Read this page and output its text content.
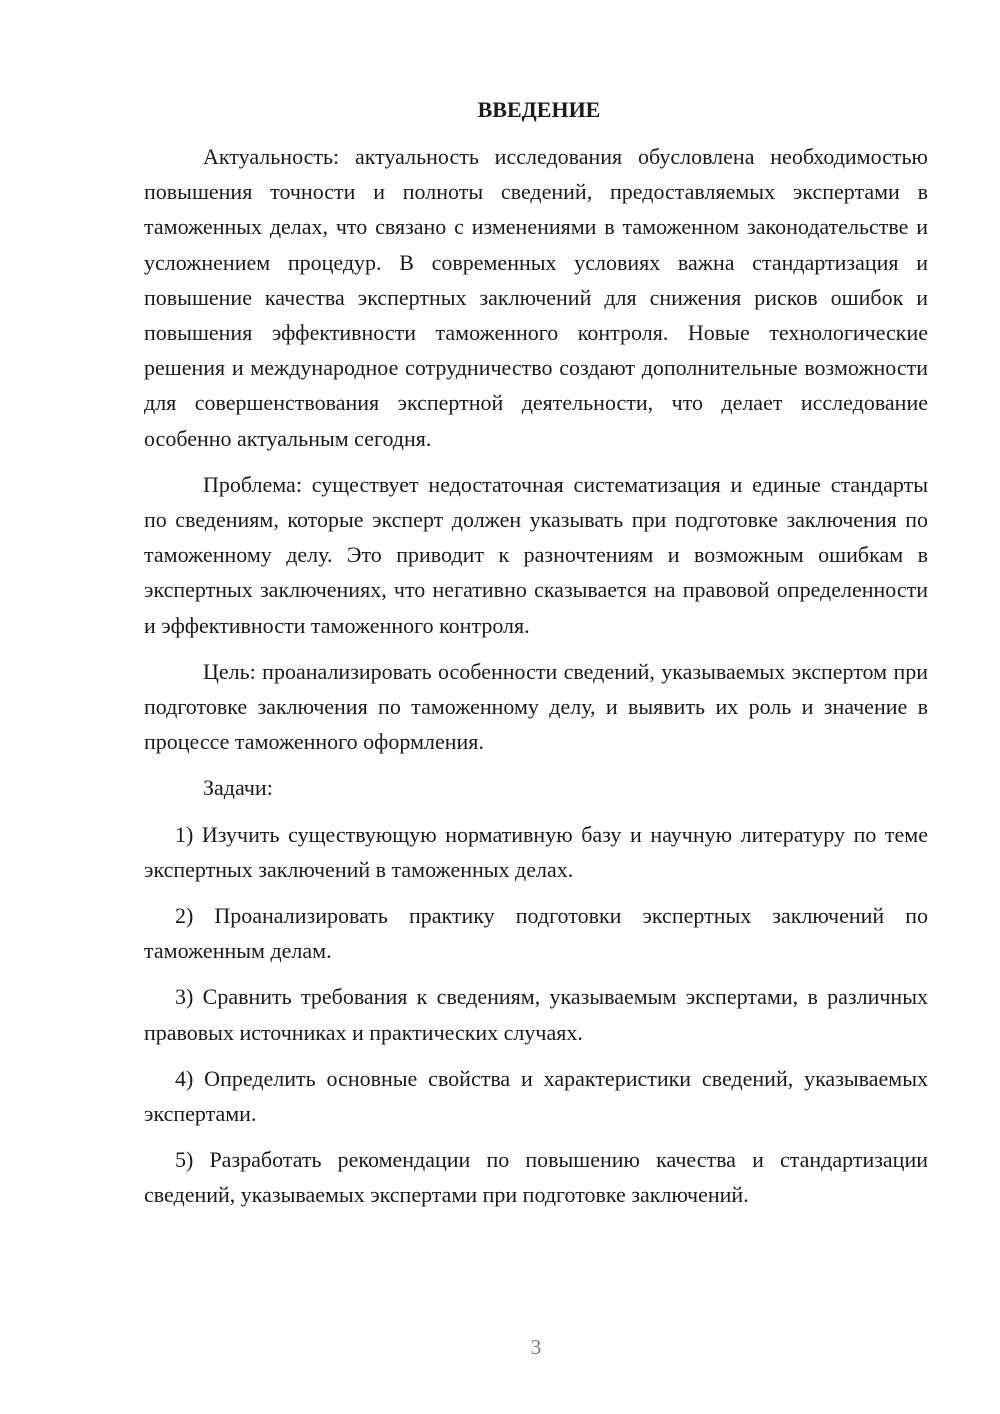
ВВЕДЕНИЕ

Актуальность: актуальность исследования обусловлена необходимостью повышения точности и полноты сведений, предоставляемых экспертами в таможенных делах, что связано с изменениями в таможенном законодательстве и усложнением процедур. В современных условиях важна стандартизация и повышение качества экспертных заключений для снижения рисков ошибок и повышения эффективности таможенного контроля. Новые технологические решения и международное сотрудничество создают дополнительные возможности для совершенствования экспертной деятельности, что делает исследование особенно актуальным сегодня.

Проблема: существует недостаточная систематизация и единые стандарты по сведениям, которые эксперт должен указывать при подготовке заключения по таможенному делу. Это приводит к разночтениям и возможным ошибкам в экспертных заключениях, что негативно сказывается на правовой определенности и эффективности таможенного контроля.

Цель: проанализировать особенности сведений, указываемых экспертом при подготовке заключения по таможенному делу, и выявить их роль и значение в процессе таможенного оформления.

Задачи:

1) Изучить существующую нормативную базу и научную литературу по теме экспертных заключений в таможенных делах.

2) Проанализировать практику подготовки экспертных заключений по таможенным делам.

3) Сравнить требования к сведениям, указываемым экспертами, в различных правовых источниках и практических случаях.

4) Определить основные свойства и характеристики сведений, указываемых экспертами.

5) Разработать рекомендации по повышению качества и стандартизации сведений, указываемых экспертами при подготовке заключений.

3
